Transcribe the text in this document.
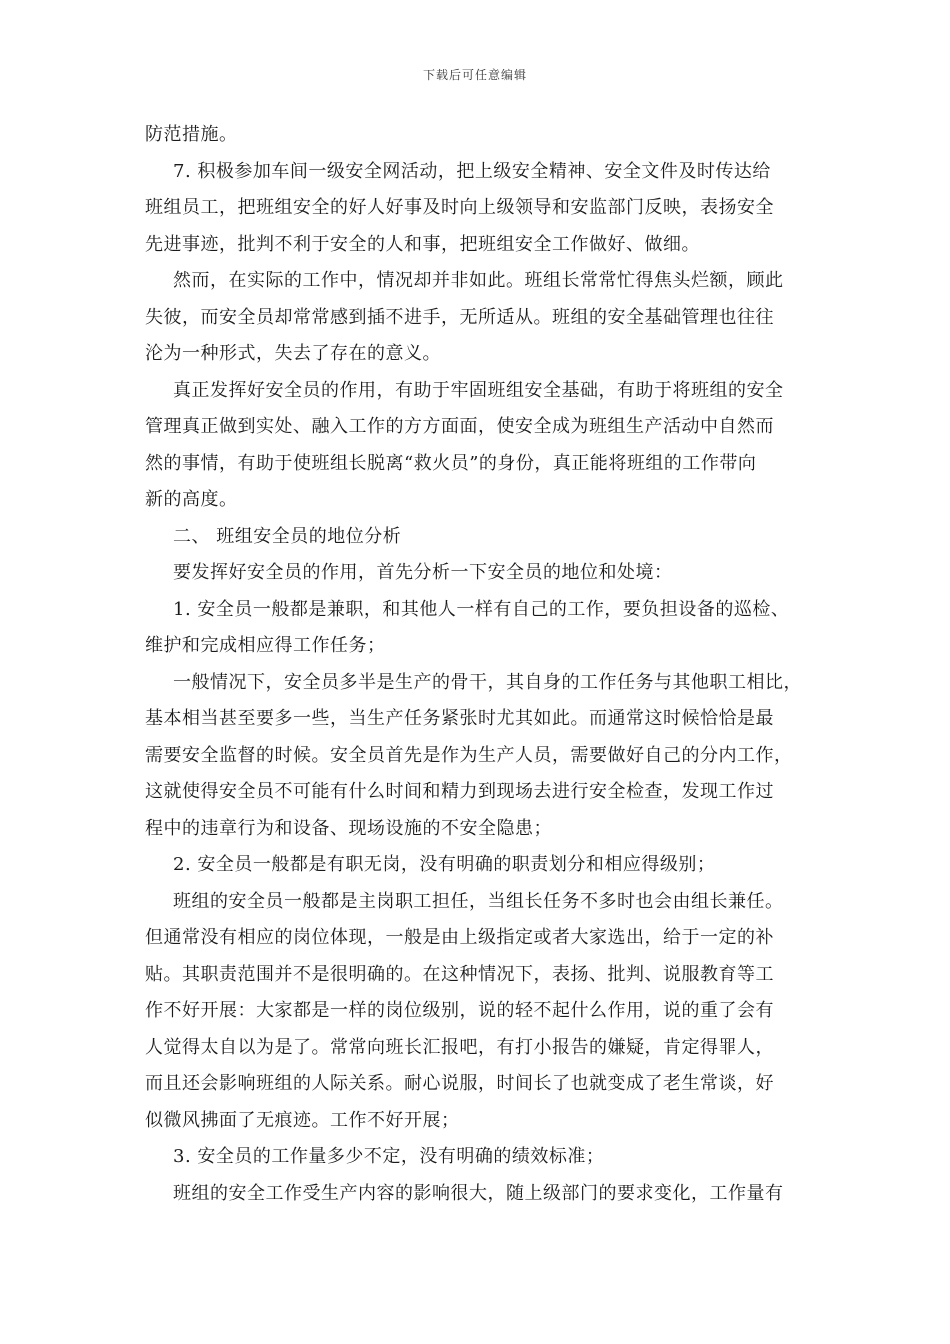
下载后可任意编辑
防范措施。
7. 积极参加车间一级安全网活动，把上级安全精神、安全文件及时传达给
班组员工，把班组安全的好人好事及时向上级领导和安监部门反映，表扬安全
先进事迹，批判不利于安全的人和事，把班组安全工作做好、做细。
然而，在实际的工作中，情况却并非如此。班组长常常忙得焦头烂额，顾此
失彼，而安全员却常常感到插不进手，无所适从。班组的安全基础管理也往往
沦为一种形式，失去了存在的意义。
真正发挥好安全员的作用，有助于牢固班组安全基础，有助于将班组的安全
管理真正做到实处、融入工作的方方面面，使安全成为班组生产活动中自然而
然的事情，有助于使班组长脱离“救火员”的身份，真正能将班组的工作带向
新的高度。
二、 班组安全员的地位分析
要发挥好安全员的作用，首先分析一下安全员的地位和处境：
1. 安全员一般都是兼职，和其他人一样有自己的工作，要负担设备的巡检、
维护和完成相应得工作任务；
一般情况下，安全员多半是生产的骨干，其自身的工作任务与其他职工相比，
基本相当甚至要多一些，当生产任务紧张时尤其如此。而通常这时候恰恰是最
需要安全监督的时候。安全员首先是作为生产人员，需要做好自己的分内工作，
这就使得安全员不可能有什么时间和精力到现场去进行安全检查，发现工作过
程中的违章行为和设备、现场设施的不安全隐患；
2. 安全员一般都是有职无岗，没有明确的职责划分和相应得级别；
班组的安全员一般都是主岗职工担任，当组长任务不多时也会由组长兼任。
但通常没有相应的岗位体现，一般是由上级指定或者大家选出，给于一定的补
贴。其职责范围并不是很明确的。在这种情况下，表扬、批判、说服教育等工
作不好开展：大家都是一样的岗位级别，说的轻不起什么作用，说的重了会有
人觉得太自以为是了。常常向班长汇报吧，有打小报告的嫌疑，肯定得罪人，
而且还会影响班组的人际关系。耐心说服，时间长了也就变成了老生常谈，好
似微风拂面了无痕迹。工作不好开展；
3. 安全员的工作量多少不定，没有明确的绩效标准；
班组的安全工作受生产内容的影响很大，随上级部门的要求变化，工作量有
